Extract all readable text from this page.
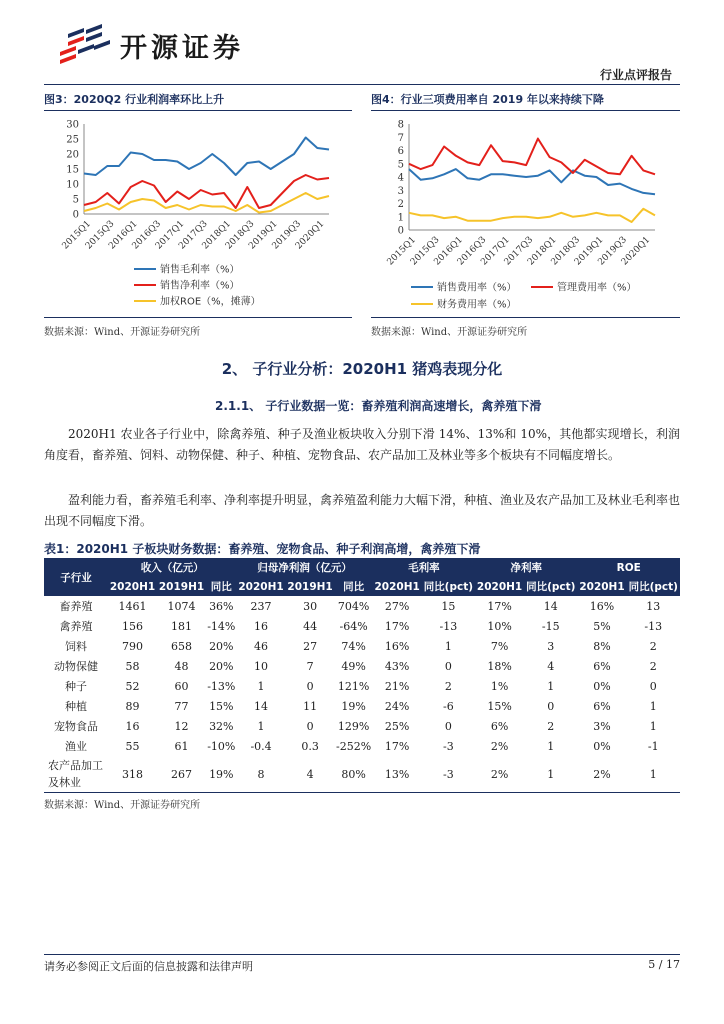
开源证券
行业点评报告
图3：2020Q2 行业利润率环比上升
0
5
10
15
20
25
30
2015Q1
2015Q3
2016Q1
2016Q3
2017Q1
2017Q3
2018Q1
2018Q3
2019Q1
2019Q3
2020Q1
销售毛利率（%）
销售净利率（%）
加权ROE（%，摊薄）
数据来源：Wind、开源证券研究所
图4：行业三项费用率自 2019 年以来持续下降
0
1
2
3
4
5
6
7
8
2015Q1
2015Q3
2016Q1
2016Q3
2017Q1
2017Q3
2018Q1
2018Q3
2019Q1
2019Q3
2020Q1
销售费用率（%）	管理费用率（%）
财务费用率（%）
数据来源：Wind、开源证券研究所
2、 子行业分析：2020H1 猪鸡表现分化
2.1.1、 子行业数据一览：畜养殖利润高速增长，禽养殖下滑

2020H1 农业各子行业中，除禽养殖、种子及渔业板块收入分别下滑 14%、13%和 10%，其他都实现增长，利润角度看，畜养殖、饲料、动物保健、种子、种植、宠物食品、农产品加工及林业等多个板块有不同幅度增长。

盈利能力看，畜养殖毛利率、净利率提升明显，禽养殖盈利能力大幅下滑，种植、渔业及农产品加工及林业毛利率也出现不同幅度下滑。

表1：2020H1 子板块财务数据：畜养殖、宠物食品、种子利润高增，禽养殖下滑
子行业	收入（亿元）			归母净利润（亿元）			毛利率		净利率		ROE	
	2020H1	2019H1	同比	2020H1	2019H1	同比	2020H1	同比(pct)	2020H1	同比(pct)	2020H1	同比(pct)
畜养殖	1461	1074	36%	237	30	704%	27%	15	17%	14	16%	13
禽养殖	156	181	-14%	16	44	-64%	17%	-13	10%	-15	5%	-13
饲料	790	658	20%	46	27	74%	16%	1	7%	3	8%	2
动物保健	58	48	20%	10	7	49%	43%	0	18%	4	6%	2
种子	52	60	-13%	1	0	121%	21%	2	1%	1	0%	0
种植	89	77	15%	14	11	19%	24%	-6	15%	0	6%	1
宠物食品	16	12	32%	1	0	129%	25%	0	6%	2	3%	1
渔业	55	61	-10%	-0.4	0.3	-252%	17%	-3	2%	1	0%	-1
农产品加工及林业	318	267	19%	8	4	80%	13%	-3	2%	1	2%	1
数据来源：Wind、开源证券研究所
请务必参阅正文后面的信息披露和法律声明	5 / 17
